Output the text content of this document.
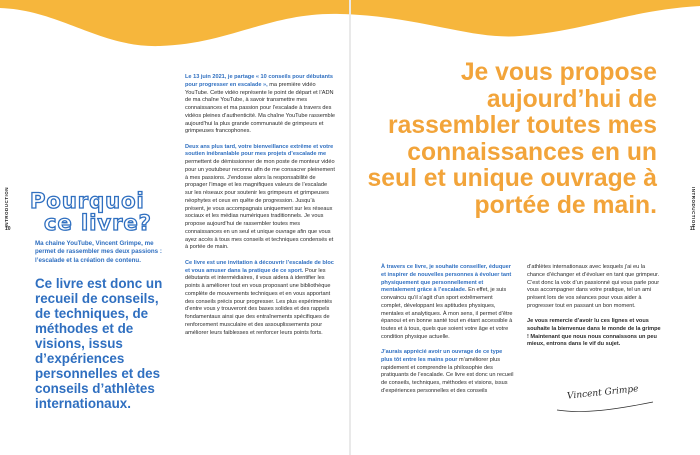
INTRODUCTION
10
INTRODUCTION
11
Pourquoi
ce livre?
Ma chaîne YouTube, Vincent Grimpe, me permet de rassembler mes deux passions : l’escalade et la création de contenu.
Ce livre est donc un recueil de conseils, de techniques, de méthodes et de visions, issus d’expériences personnelles et des conseils d’athlètes internationaux.

Le 13 juin 2021, je partage « 10 conseils pour débutants pour progresser en escalade », ma première vidéo YouTube. Cette vidéo représente le point de départ et l’ADN de ma chaîne YouTube, à savoir transmettre mes connaissances et ma passion pour l’escalade à travers des vidéos pleines d’authenticité. Ma chaîne YouTube rassemble aujourd’hui la plus grande communauté de grimpeurs et grimpeuses francophones.

Deux ans plus tard, votre bienveillance extrême et votre soutien inébranlable pour mes projets d’escalade me permettent de démissionner de mon poste de monteur vidéo pour un youtubeur reconnu afin de me consacrer pleinement à mes passions. J’endosse alors la responsabilité de propager l’image et les magnifiques valeurs de l’escalade sur les réseaux pour soutenir les grimpeurs et grimpeuses néophytes et ceux en quête de progression. Jusqu’à présent, je vous accompagnais uniquement sur les réseaux sociaux et les médias numériques traditionnels. Je vous propose aujourd’hui de rassembler toutes mes connaissances en un seul et unique ouvrage afin que vous ayez accès à tous mes conseils et techniques condensés et à portée de main.

Ce livre est une invitation à découvrir l’escalade de bloc et vous amuser dans la pratique de ce sport. Pour les débutants et intermédiaires, il vous aidera à identifier les points à améliorer tout en vous proposant une bibliothèque complète de mouvements techniques et en vous apportant des conseils précis pour progresser. Les plus expérimentés d’entre vous y trouveront des bases solides et des rappels fondamentaux ainsi que des entraînements spécifiques de renforcement musculaire et des assouplissements pour améliorer leurs faiblesses et renforcer leurs points forts.

Je vous propose aujourd’hui de rassembler toutes mes connaissances en un seul et unique ouvrage à portée de main.

À travers ce livre, je souhaite conseiller, éduquer et inspirer de nouvelles personnes à évoluer tant physiquement que personnellement et mentalement grâce à l’escalade. En effet, je suis convaincu qu’il s’agit d’un sport extrêmement complet, développant les aptitudes physiques, mentales et analytiques. À mon sens, il permet d’être épanoui et en bonne santé tout en étant accessible à toutes et à tous, quels que soient votre âge et votre condition physique actuelle.

J’aurais apprécié avoir un ouvrage de ce type plus tôt entre les mains pour m’améliorer plus rapidement et comprendre la philosophie des pratiquants de l’escalade. Ce livre est donc un recueil de conseils, techniques, méthodes et visions, issus d’expériences personnelles et des conseils

d’athlètes internationaux avec lesquels j’ai eu la chance d’échanger et d’évoluer en tant que grimpeur. C’est donc la voix d’un passionné qui vous parle pour vous accompagner dans votre pratique, tel un ami présent lors de vos séances pour vous aider à progresser tout en passant un bon moment.

Je vous remercie d’avoir lu ces lignes et vous souhaite la bienvenue dans le monde de la grimpe ! Maintenant que nous nous connaissons un peu mieux, entrons dans le vif du sujet.

Vincent Grimpe
